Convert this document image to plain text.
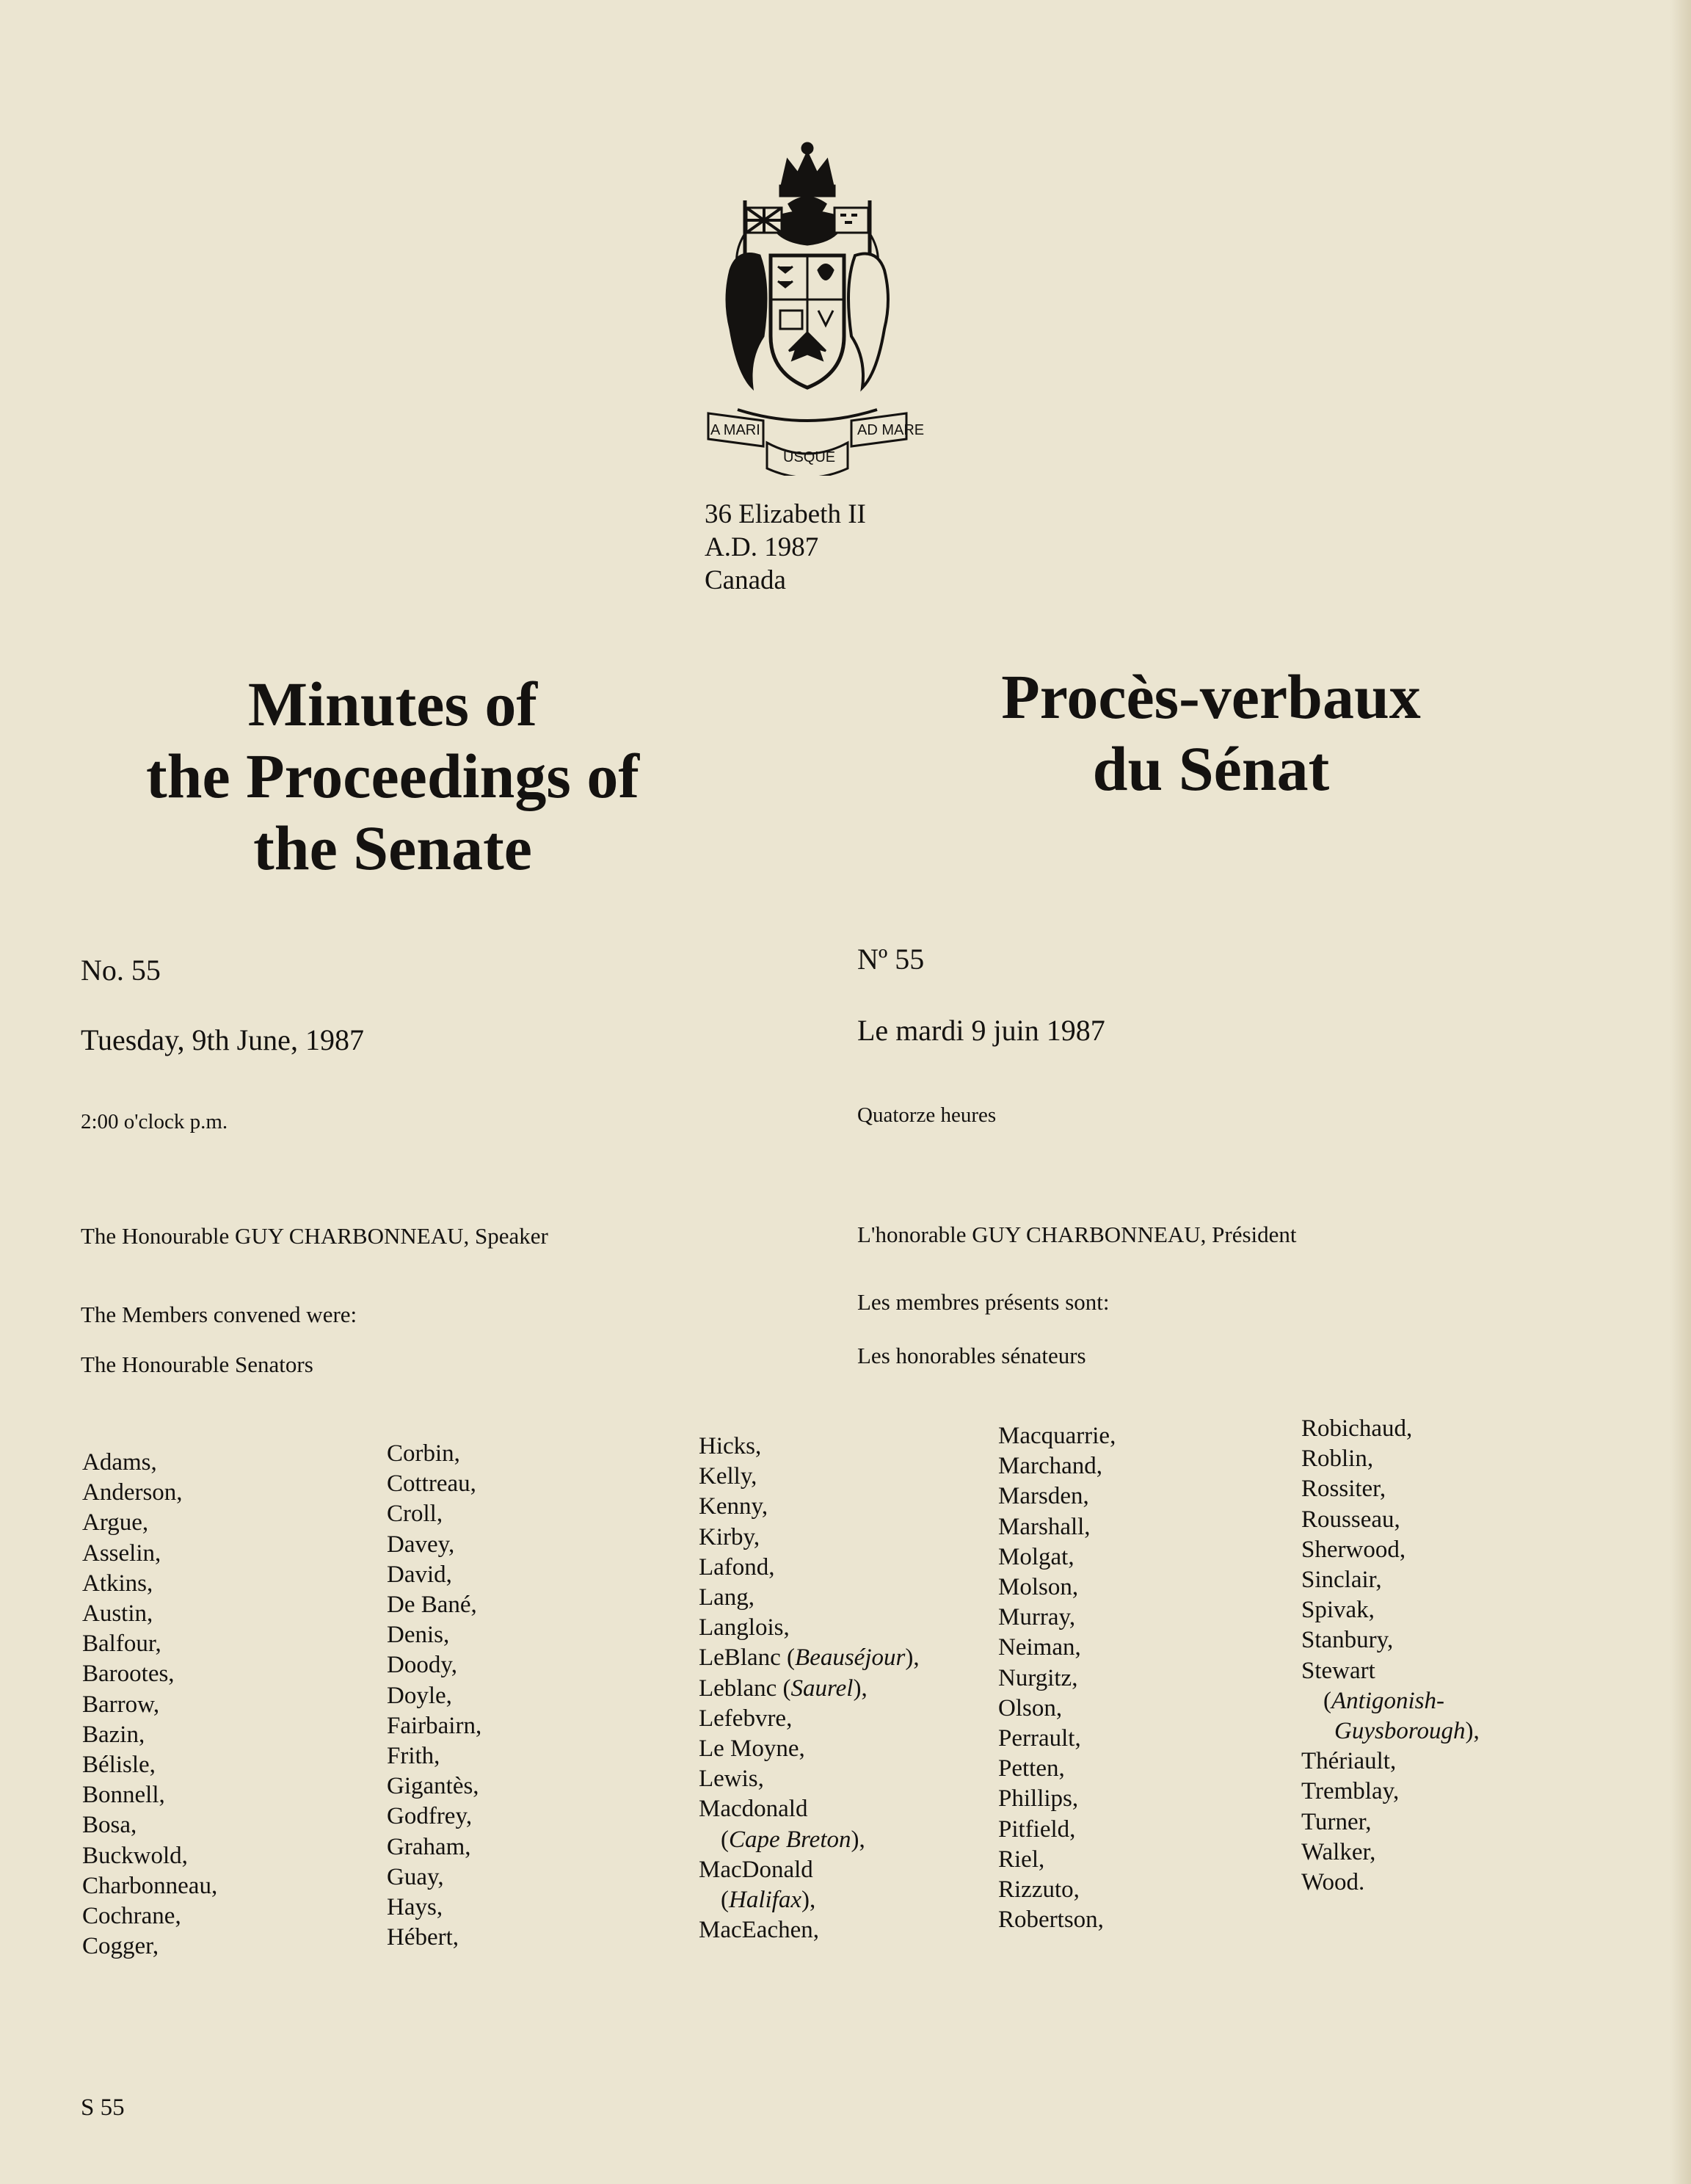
A MARI	AD MARE
USQUE
36 Elizabeth II
A.D. 1987
Canada
Minutes of
the Proceedings of
the Senate
Procès-verbaux
du Sénat
No. 55
Tuesday, 9th June, 1987
2:00 o'clock p.m.
The Honourable GUY CHARBONNEAU, Speaker
The Members convened were:
The Honourable Senators
Nº 55
Le mardi 9 juin 1987
Quatorze heures
L'honorable GUY CHARBONNEAU, Président
Les membres présents sont:
Les honorables sénateurs
Adams,
Anderson,
Argue,
Asselin,
Atkins,
Austin,
Balfour,
Barootes,
Barrow,
Bazin,
Bélisle,
Bonnell,
Bosa,
Buckwold,
Charbonneau,
Cochrane,
Cogger,
Corbin,
Cottreau,
Croll,
Davey,
David,
De Bané,
Denis,
Doody,
Doyle,
Fairbairn,
Frith,
Gigantès,
Godfrey,
Graham,
Guay,
Hays,
Hébert,
Hicks,
Kelly,
Kenny,
Kirby,
Lafond,
Lang,
Langlois,
LeBlanc (Beauséjour),
Leblanc (Saurel),
Lefebvre,
Le Moyne,
Lewis,
Macdonald
(Cape Breton),
MacDonald
(Halifax),
MacEachen,
Macquarrie,
Marchand,
Marsden,
Marshall,
Molgat,
Molson,
Murray,
Neiman,
Nurgitz,
Olson,
Perrault,
Petten,
Phillips,
Pitfield,
Riel,
Rizzuto,
Robertson,
Robichaud,
Roblin,
Rossiter,
Rousseau,
Sherwood,
Sinclair,
Spivak,
Stanbury,
Stewart
(Antigonish-
Guysborough),
Thériault,
Tremblay,
Turner,
Walker,
Wood.
S 55
